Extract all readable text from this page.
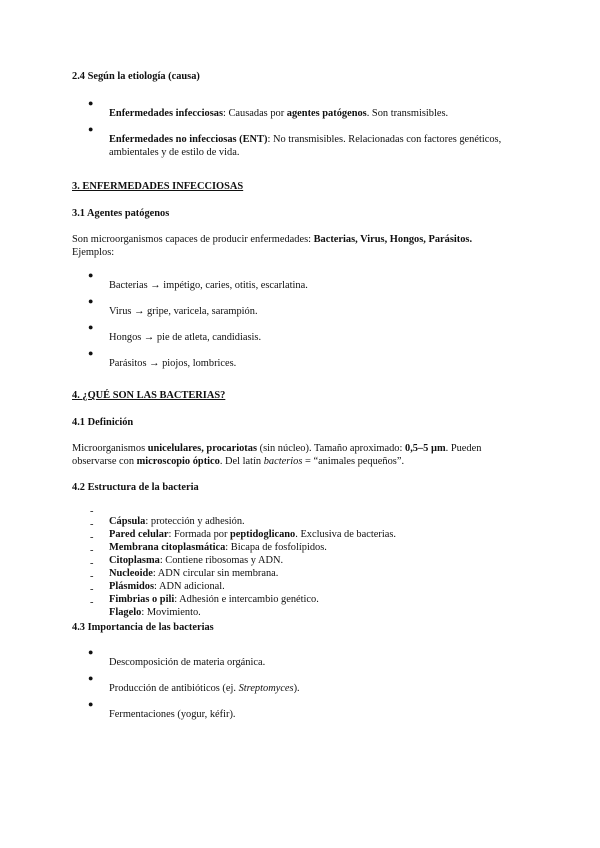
2.4 Según la etiología (causa)

●

Enfermedades infecciosas: Causadas por agentes patógenos. Son transmisibles.

●

Enfermedades no infecciosas (ENT): No transmisibles. Relacionadas con factores genéticos,

ambientales y de estilo de vida.

3. ENFERMEDADES INFECCIOSAS

3.1 Agentes patógenos

Son microorganismos capaces de producir enfermedades: Bacterias, Virus, Hongos, Parásitos.

Ejemplos:

●

Bacterias → impétigo, caries, otitis, escarlatina.

●

Virus → gripe, varicela, sarampión.

●

Hongos → pie de atleta, candidiasis.

●

Parásitos → piojos, lombrices.

4. ¿QUÉ SON LAS BACTERIAS?

4.1 Definición

Microorganismos unicelulares, procariotas (sin núcleo). Tamaño aproximado: 0,5–5 µm. Pueden

observarse con microscopio óptico. Del latín bacterios = “animales pequeños”.

4.2 Estructura de la bacteria

-

Cápsula: protección y adhesión.

-

Pared celular: Formada por peptidoglicano. Exclusiva de bacterias.

-

Membrana citoplasmática: Bicapa de fosfolípidos.

-

Citoplasma: Contiene ribosomas y ADN.

-

Nucleoide: ADN circular sin membrana.

-

Plásmidos: ADN adicional.

-

Fimbrias o pili: Adhesión e intercambio genético.

-

Flagelo: Movimiento.

4.3 Importancia de las bacterias

●

Descomposición de materia orgánica.

●

Producción de antibióticos (ej. Streptomyces).

●

Fermentaciones (yogur, kéfir).
